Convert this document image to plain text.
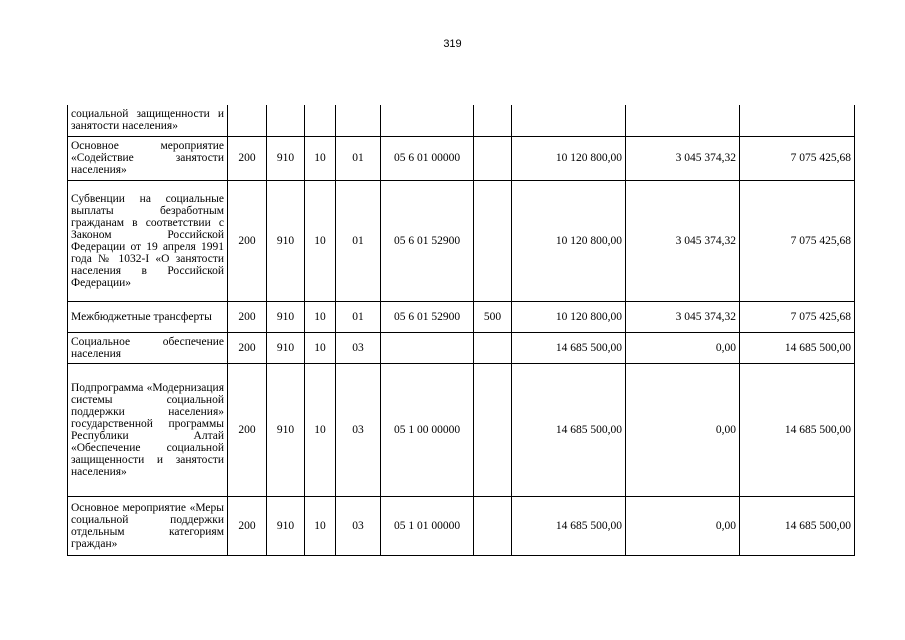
319
социальной защищенности и занятости населения»									
Основное мероприятие «Содействие занятости населения»	200	910	10	01	05 6 01 00000		10 120 800,00	3 045 374,32	7 075 425,68
Субвенции на социальные выплаты безработным гражданам в соответствии с Законом Российской Федерации от 19 апреля 1991 года № 1032-I «О занятости населения в Российской Федерации»	200	910	10	01	05 6 01 52900		10 120 800,00	3 045 374,32	7 075 425,68
Межбюджетные трансферты	200	910	10	01	05 6 01 52900	500	10 120 800,00	3 045 374,32	7 075 425,68
Социальное обеспечение населения	200	910	10	03			14 685 500,00	0,00	14 685 500,00
Подпрограмма «Модернизация системы социальной поддержки населения» государственной программы Республики Алтай «Обеспечение социальной защищенности и занятости населения»	200	910	10	03	05 1 00 00000		14 685 500,00	0,00	14 685 500,00
Основное мероприятие «Меры социальной поддержки отдельным категориям граждан»	200	910	10	03	05 1 01 00000		14 685 500,00	0,00	14 685 500,00
